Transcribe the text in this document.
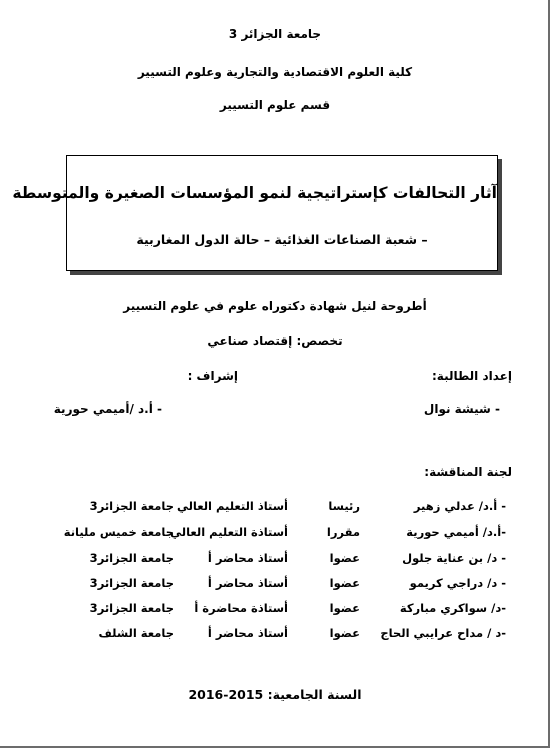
جامعة الجزائر 3
كلية العلوم الاقتصادية والتجارية وعلوم التسيير
قسم علوم التسيير
آثار التحالفات كإستراتيجية لنمو المؤسسات الصغيرة والمتوسطة
– شعبة الصناعات الغذائية – حالة الدول المغاربية
أطروحة لنيل شهادة دكتوراه علوم في علوم التسيير
تخصص: إقتصاد صناعي
إعداد الطالبة:
إشراف :
- شيشة نوال
- أ.د /أميمي حورية
لجنة المناقشة:
- أ.د/ عدلي زهير
رئيسا
أستاذ التعليم العالي
جامعة الجزائر3
-أ.د/ أميمي حورية
مقررا
أستاذة التعليم العالي
جامعة خميس مليانة
- د/ بن عناية جلول
عضوا
أستاذ محاضر أ
جامعة الجزائر3
- د/ دراجي كريمو
عضوا
أستاذ محاضر أ
جامعة الجزائر3
-د/ سواكري مباركة
عضوا
أستاذة محاضرة أ
جامعة الجزائر3
-د / مداح عرايبي الحاج
عضوا
أستاذ محاضر أ
جامعة الشلف
السنة الجامعية: 2015-2016
